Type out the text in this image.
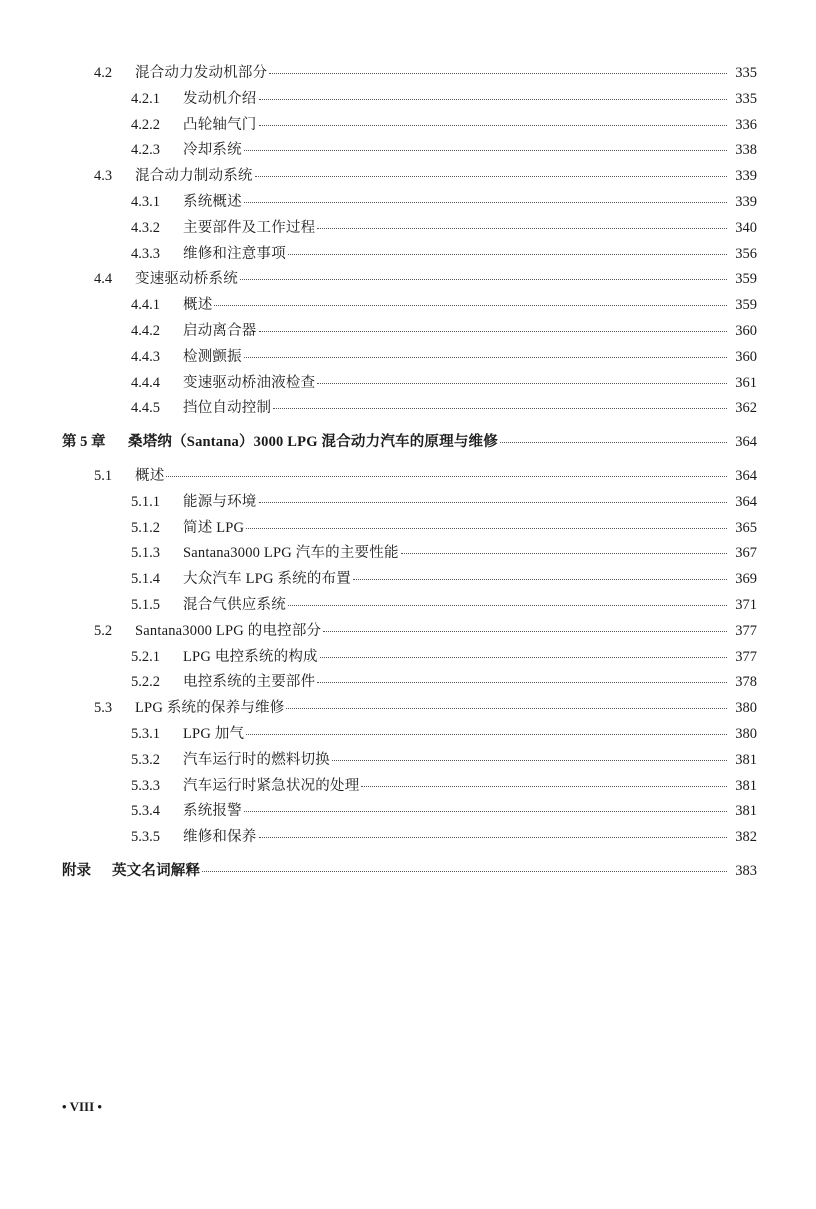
4.2	混合动力发动机部分	335
4.2.1	发动机介绍	335
4.2.2	凸轮轴气门	336
4.2.3	冷却系统	338
4.3	混合动力制动系统	339
4.3.1	系统概述	339
4.3.2	主要部件及工作过程	340
4.3.3	维修和注意事项	356
4.4	变速驱动桥系统	359
4.4.1	概述	359
4.4.2	启动离合器	360
4.4.3	检测颤振	360
4.4.4	变速驱动桥油液检查	361
4.4.5	挡位自动控制	362
第 5 章	桑塔纳（Santana）3000 LPG 混合动力汽车的原理与维修	364
5.1	概述	364
5.1.1	能源与环境	364
5.1.2	简述 LPG	365
5.1.3	Santana3000 LPG 汽车的主要性能	367
5.1.4	大众汽车 LPG 系统的布置	369
5.1.5	混合气供应系统	371
5.2	Santana3000 LPG 的电控部分	377
5.2.1	LPG 电控系统的构成	377
5.2.2	电控系统的主要部件	378
5.3	LPG 系统的保养与维修	380
5.3.1	LPG 加气	380
5.3.2	汽车运行时的燃料切换	381
5.3.3	汽车运行时紧急状况的处理	381
5.3.4	系统报警	381
5.3.5	维修和保养	382
附录	英文名词解释	383
• VIII •
